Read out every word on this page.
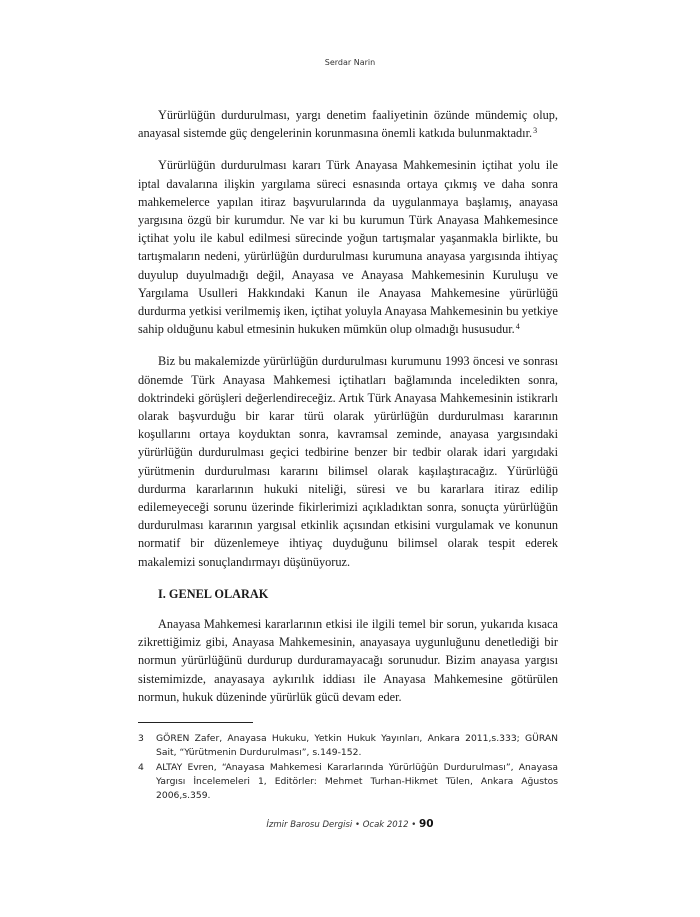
Serdar Narin

Yürürlüğün durdurulması, yargı denetim faaliyetinin özünde mündemiç olup, anayasal sistemde güç dengelerinin korunmasına önemli katkıda bulunmaktadır.$^3$

Yürürlüğün durdurulması kararı Türk Anayasa Mahkemesinin içtihat yolu ile iptal davalarına ilişkin yargılama süreci esnasında ortaya çıkmış ve daha sonra mahkemelerce yapılan itiraz başvurularında da uygulanmaya başlamış, anayasa yargısına özgü bir kurumdur. Ne var ki bu kurumun Türk Anayasa Mahkemesince içtihat yolu ile kabul edilmesi sürecinde yoğun tartışmalar yaşanmakla birlikte, bu tartışmaların nedeni, yürürlüğün durdurulması kurumuna anayasa yargısında ihtiyaç duyulup duyulmadığı değil, Anayasa ve Anayasa Mahkemesinin Kuruluşu ve Yargılama Usulleri Hakkındaki Kanun ile Anayasa Mahkemesine yürürlüğü durdurma yetkisi verilmemiş iken, içtihat yoluyla Anayasa Mahkemesinin bu yetkiye sahip olduğunu kabul etmesinin hukuken mümkün olup olmadığı hususudur.$^4$

Biz bu makalemizde yürürlüğün durdurulması kurumunu 1993 öncesi ve sonrası dönemde Türk Anayasa Mahkemesi içtihatları bağlamında inceledikten sonra, doktrindeki görüşleri değerlendireceğiz. Artık Türk Anayasa Mahkemesinin istikrarlı olarak başvurduğu bir karar türü olarak yürürlüğün durdurulması kararının koşullarını ortaya koyduktan sonra, kavramsal zeminde, anayasa yargısındaki yürürlüğün durdurulması geçici tedbirine benzer bir tedbir olarak idari yargıdaki yürütmenin durdurulması kararını bilimsel olarak kaşılaştıracağız. Yürürlüğü durdurma kararlarının hukuki niteliği, süresi ve bu kararlara itiraz edilip edilemeyeceği sorunu üzerinde fikirlerimizi açıkladıktan sonra, sonuçta yürürlüğün durdurulması kararının yargısal etkinlik açısından etkisini vurgulamak ve konunun normatif bir düzenlemeye ihtiyaç duyduğunu bilimsel olarak tespit ederek makalemizi sonuçlandırmayı düşünüyoruz.

I. GENEL OLARAK

Anayasa Mahkemesi kararlarının etkisi ile ilgili temel bir sorun, yukarıda kısaca zikrettiğimiz gibi, Anayasa Mahkemesinin, anayasaya uygunluğunu denetlediği bir normun yürürlüğünü durdurup durduramayacağı sorunudur. Bizim anayasa yargısı sistemimizde, anayasaya aykırılık iddiası ile Anayasa Mahkemesine götürülen normun, hukuk düzeninde yürürlük gücü devam eder.

3	GÖREN Zafer, Anayasa Hukuku, Yetkin Hukuk Yayınları, Ankara 2011,s.333; GÜRAN Sait, “Yürütmenin Durdurulması”, s.149-152.
4	ALTAY Evren, “Anayasa Mahkemesi Kararlarında Yürürlüğün Durdurulması”, Anayasa Yargısı İncelemeleri 1, Editörler: Mehmet Turhan-Hikmet Tülen, Ankara Ağustos 2006,s.359.
İzmir Barosu Dergisi • Ocak 2012 • 90
